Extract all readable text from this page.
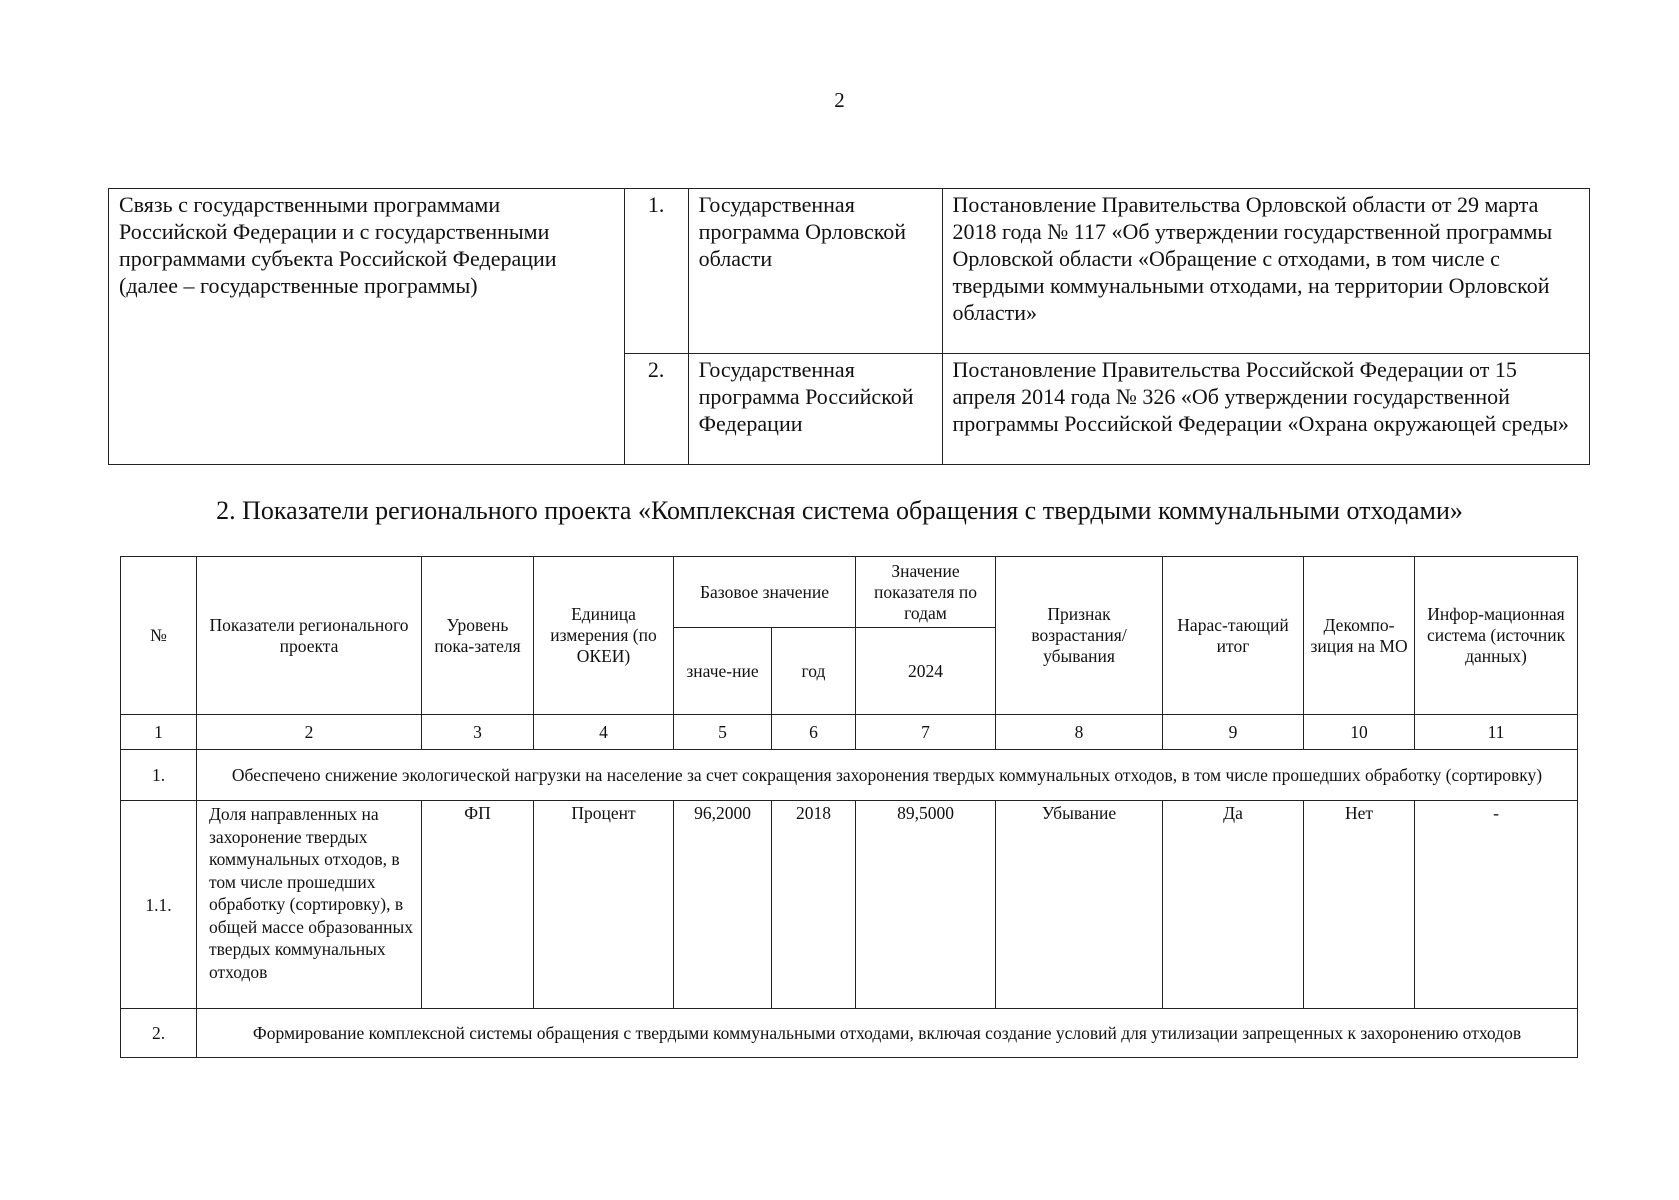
2
Связь с государственными программами Российской Федерации и с государственными программами субъекта Российской Федерации (далее – государственные программы)	1.	Государственная программа Орловской области	Постановление Правительства Орловской области от 29 марта 2018 года № 117 «Об утверждении государственной программы Орловской области «Обращение с отходами, в том числе с твердыми коммунальными отходами, на территории Орловской области»
	2.	Государственная программа Российской Федерации	Постановление Правительства Российской Федерации от 15 апреля 2014 года № 326 «Об утверждении государственной программы Российской Федерации «Охрана окружающей среды»
2. Показатели регионального проекта «Комплексная система обращения с твердыми коммунальными отходами»
№	Показатели регионального проекта	Уровень пока-зателя	Единица измерения (по ОКЕИ)	Базовое значение		Значение показателя по годам	Признак возрастания/ убывания	Нарас-тающий итог	Декомпо-зиция на МО	Инфор-мационная система (источник данных)
				значе-ние	год	2024				
1	2	3	4	5	6	7	8	9	10	11
1.	Обеспечено снижение экологической нагрузки на население за счет сокращения захоронения твердых коммунальных отходов, в том числе прошедших обработку (сортировку)									
1.1.	Доля направленных на захоронение твердых коммунальных отходов, в том числе прошедших обработку (сортировку), в общей массе образованных твердых коммунальных отходов	ФП	Процент	96,2000	2018	89,5000	Убывание	Да	Нет	-
2.	Формирование комплексной системы обращения с твердыми коммунальными отходами, включая создание условий для утилизации запрещенных к захоронению отходов									
